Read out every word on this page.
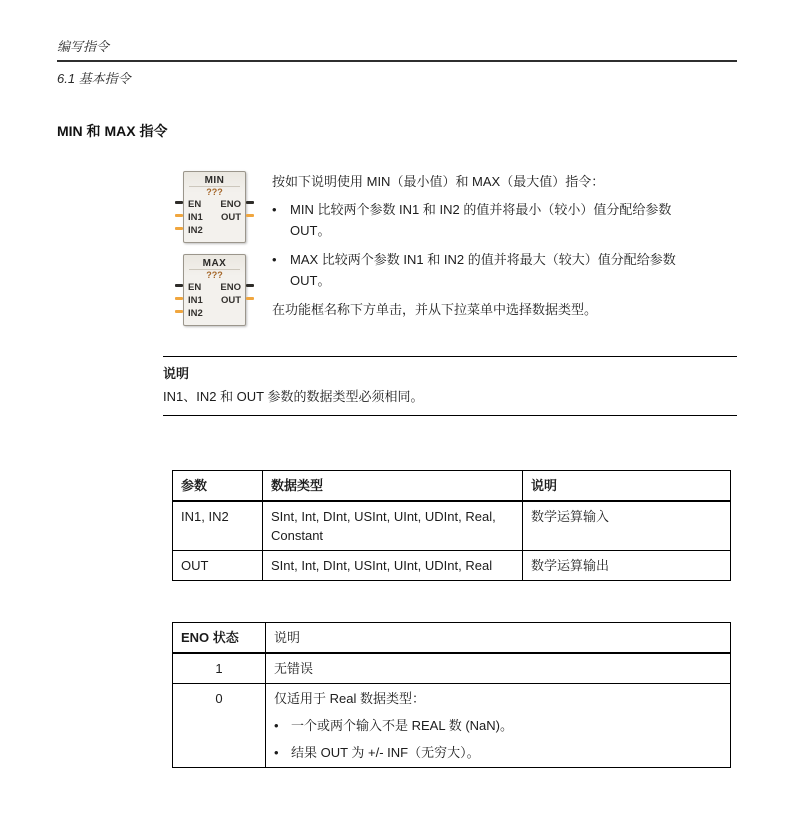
编写指令
6.1 基本指令
MIN 和 MAX 指令
MIN
???
EN ENO
IN1 OUT
IN2
MAX
???
EN ENO
IN1 OUT
IN2

按如下说明使用 MIN（最小值）和 MAX（最大值）指令：

• MIN 比较两个参数 IN1 和 IN2 的值并将最小（较小）值分配给参数 OUT。
• MAX 比较两个参数 IN1 和 IN2 的值并将最大（较大）值分配给参数 OUT。

在功能框名称下方单击，并从下拉菜单中选择数据类型。

说明
IN1、IN2 和 OUT 参数的数据类型必须相同。
参数	数据类型	说明
IN1, IN2	SInt, Int, DInt, USInt, UInt, UDInt, Real, Constant	数学运算输入
OUT	SInt, Int, DInt, USInt, UInt, UDInt, Real	数学运算输出
ENO 状态	说明
1	无错误
0	仅适用于 Real 数据类型：
• 一个或两个输入不是 REAL 数 (NaN)。
• 结果 OUT 为 +/- INF（无穷大）。
